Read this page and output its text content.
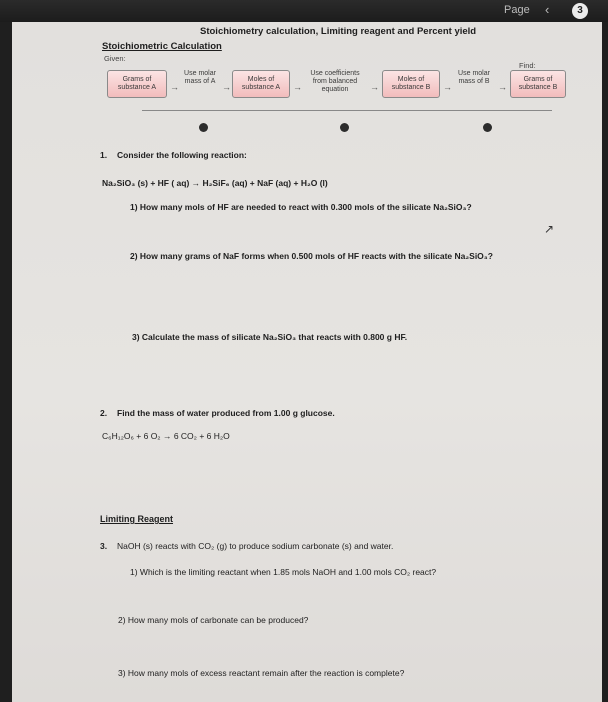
Page ‹	3
Stoichiometry calculation, Limiting reagent and Percent yield
Stoichiometric Calculation
Given:
Find:
Grams of substance A	→
Use molar mass of A
→
Moles of substance A	→
Use coefficients from balanced equation	→
Moles of substance B	→
Use molar mass of B
→
Grams of substance B
1. Consider the following reaction:
Na₂SiO₃ (s) + HF ( aq) → H₂SiF₆ (aq) + NaF (aq) + H₂O (l)
1) How many mols of HF are needed to react with 0.300 mols of the silicate Na₂SiO₃?
↗
2) How many grams of NaF forms when 0.500 mols of HF reacts with the silicate Na₂SiO₃?
3) Calculate the mass of silicate Na₂SiO₃ that reacts with 0.800 g HF.
2. Find the mass of water produced from 1.00 g glucose.
C₆H₁₂O₆ + 6 O₂ → 6 CO₂ + 6 H₂O
Limiting Reagent
3. NaOH (s) reacts with CO₂ (g) to produce sodium carbonate (s) and water.
1) Which is the limiting reactant when 1.85 mols NaOH and 1.00 mols CO₂ react?
2) How many mols of carbonate can be produced?
3) How many mols of excess reactant remain after the reaction is complete?
